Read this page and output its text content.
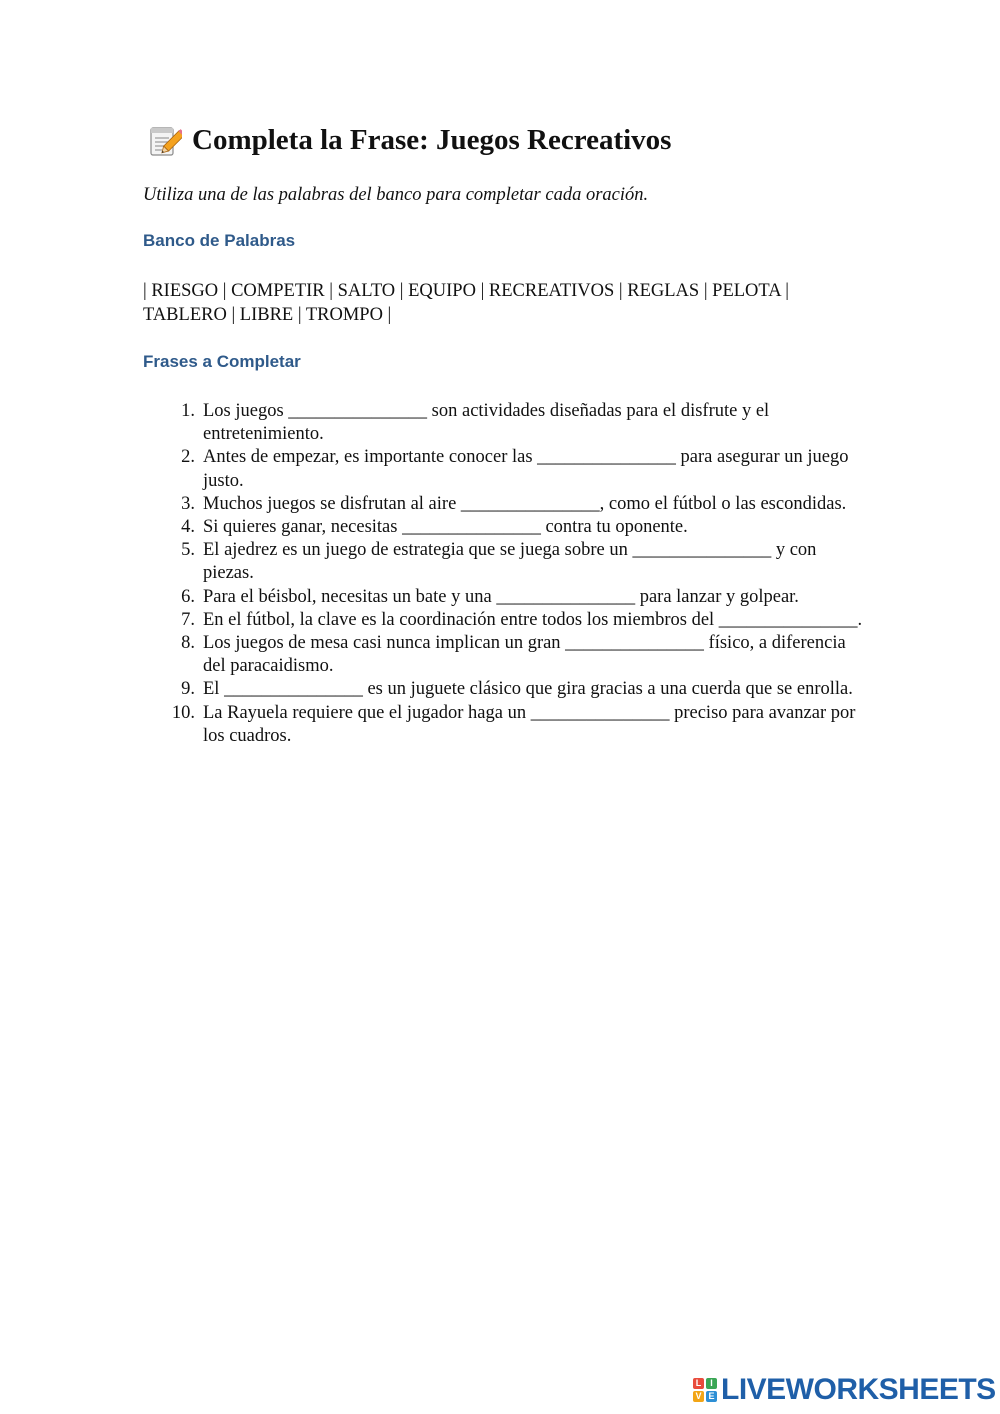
Completa la Frase: Juegos Recreativos

Utiliza una de las palabras del banco para completar cada oración.

Banco de Palabras

| RIESGO | COMPETIR | SALTO | EQUIPO | RECREATIVOS | REGLAS | PELOTA | TABLERO | LIBRE | TROMPO |

Frases a Completar
1. Los juegos _______________ son actividades diseñadas para el disfrute y el entretenimiento.
2. Antes de empezar, es importante conocer las _______________ para asegurar un juego justo.
3. Muchos juegos se disfrutan al aire _______________, como el fútbol o las escondidas.
4. Si quieres ganar, necesitas _______________ contra tu oponente.
5. El ajedrez es un juego de estrategia que se juega sobre un _______________ y con piezas.
6. Para el béisbol, necesitas un bate y una _______________ para lanzar y golpear.
7. En el fútbol, la clave es la coordinación entre todos los miembros del _______________.
8. Los juegos de mesa casi nunca implican un gran _______________ físico, a diferencia del paracaidismo.
9. El _______________ es un juguete clásico que gira gracias a una cuerda que se enrolla.
10. La Rayuela requiere que el jugador haga un _______________ preciso para avanzar por los cuadros.
L I
V E LIVEWORKSHEETS
